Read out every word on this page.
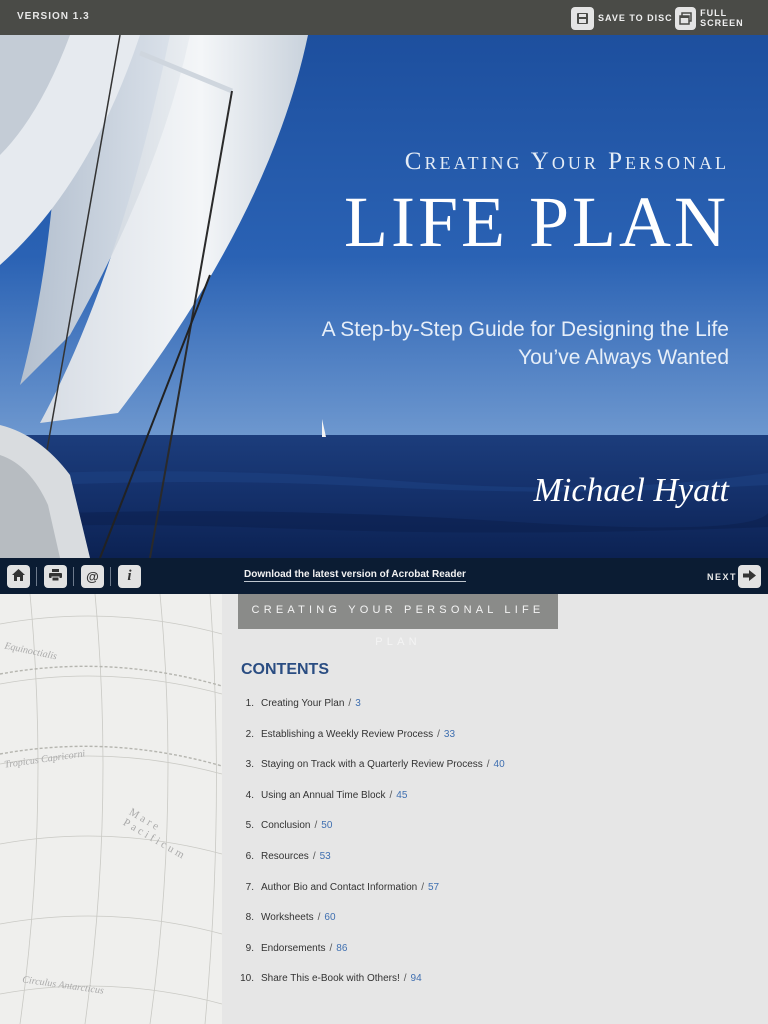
VERSION 1.3	SAVE TO DISC	FULL SCREEN
Creating Your Personal
LIFE PLAN
A Step-by-Step Guide for Designing the Life You’ve Always Wanted
Michael Hyatt
@ i	Download the latest version of Acrobat Reader	NEXT
Equinoctialis
Tropicus Capricorni
Mare Pacificum
Circulus Antarcticus
CREATING YOUR PERSONAL LIFE PLAN
CONTENTS
1. Creating Your Plan / 3
2. Establishing a Weekly Review Process / 33
3. Staying on Track with a Quarterly Review Process / 40
4. Using an Annual Time Block / 45
5. Conclusion / 50
6. Resources / 53
7. Author Bio and Contact Information / 57
8. Worksheets / 60
9. Endorsements / 86
10. Share This e-Book with Others! / 94
